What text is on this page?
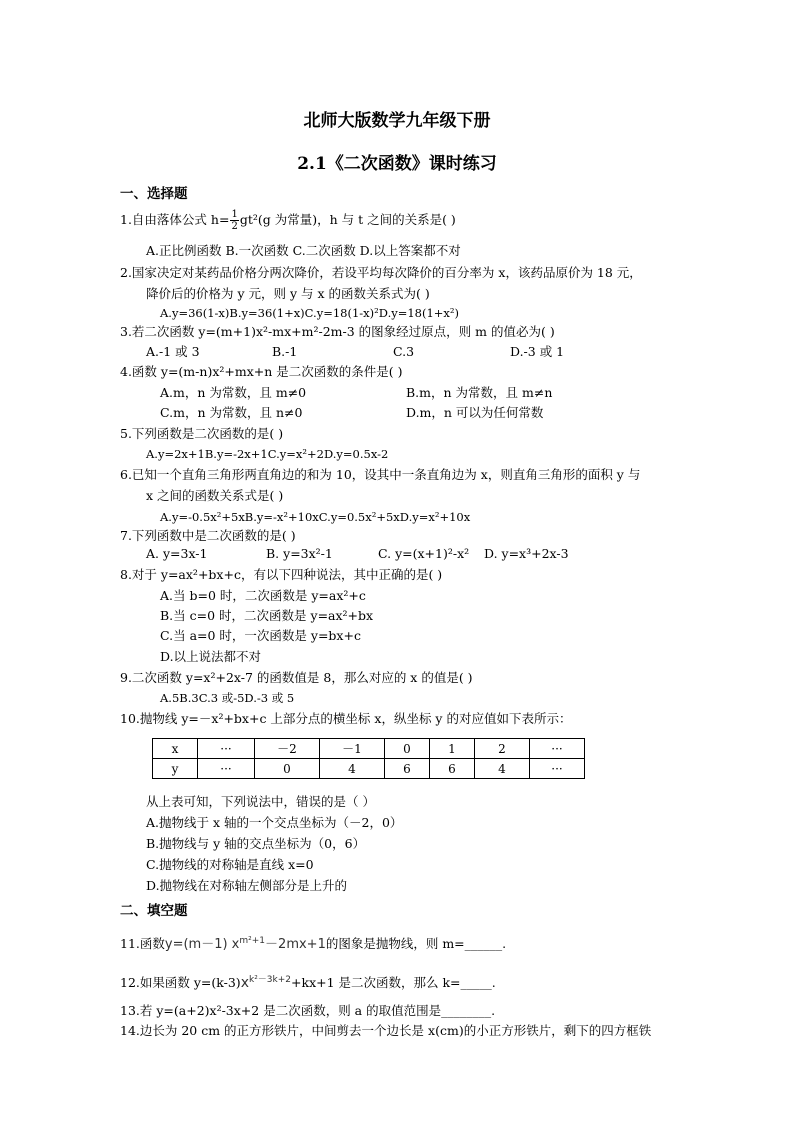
北师大版数学九年级下册
2.1《二次函数》课时练习
一、选择题
1.自由落体公式 $h= \frac{1}{2} gt^2(g$ 为常量)，h 与 t 之间的关系是( )
A.正比例函数 B.一次函数 C.二次函数 D.以上答案都不对
2.国家决定对某药品价格分两次降价，若设平均每次降价的百分率为 x，该药品原价为 18 元，
降价后的价格为 y 元，则 y 与 x 的函数关系式为( )
A.y=36(1-x)B.y=36(1+x)C.y=18(1-x)²D.y=18(1+x²)
3.若二次函数 y=(m+1)x²-mx+m²-2m-3 的图象经过原点，则 m 的值必为( )
A.-1 或 3	B.-1	C.3	D.-3 或 1
4.函数 y=(m-n)x²+mx+n 是二次函数的条件是( )
A.m，n 为常数，且 m≠0	B.m，n 为常数，且 m≠n
C.m，n 为常数，且 n≠0	D.m，n 可以为任何常数
5.下列函数是二次函数的是( )
A.y=2x+1B.y=-2x+1C.y=x²+2D.y=0.5x-2
6.已知一个直角三角形两直角边的和为 10，设其中一条直角边为 x，则直角三角形的面积 y 与
x 之间的函数关系式是( )
A.y=-0.5x²+5xB.y=-x²+10xC.y=0.5x²+5xD.y=x²+10x
7.下列函数中是二次函数的是( )
A. y=3x-1	B. y=3x²-1	C. y=(x+1)²-x² D. y=x³+2x-3
8.对于 y=ax²+bx+c，有以下四种说法，其中正确的是( )
A.当 b=0 时，二次函数是 y=ax²+c
B.当 c=0 时，二次函数是 y=ax²+bx
C.当 a=0 时，一次函数是 y=bx+c
D.以上说法都不对
9.二次函数 y=x²+2x-7 的函数值是 8，那么对应的 x 的值是( )
A.5B.3C.3 或-5D.-3 或 5
10.抛物线 y=－x²+bx+c 上部分点的横坐标 x，纵坐标 y 的对应值如下表所示：
x	···	－2	－1	0	1	2	···
y	···	0	4	6	6	4	···
从上表可知，下列说法中，错误的是（ ）
A.抛物线于 x 轴的一个交点坐标为（－2，0）
B.抛物线与 y 轴的交点坐标为（0，6）
C.抛物线的对称轴是直线 x=0
D.抛物线在对称轴左侧部分是上升的
二、填空题
11.函数y=(m－1) $x^{m^2+1}-2mx+1$的图象是抛物线，则 m=______.
12.如果函数 $y=(k-3)x^{k^2-3k+2}+kx+1$ 是二次函数，那么 k=_____.
13.若 y=(a+2)x²-3x+2 是二次函数，则 a 的取值范围是________.
14.边长为 20 cm 的正方形铁片，中间剪去一个边长是 x(cm)的小正方形铁片，剩下的四方框铁
